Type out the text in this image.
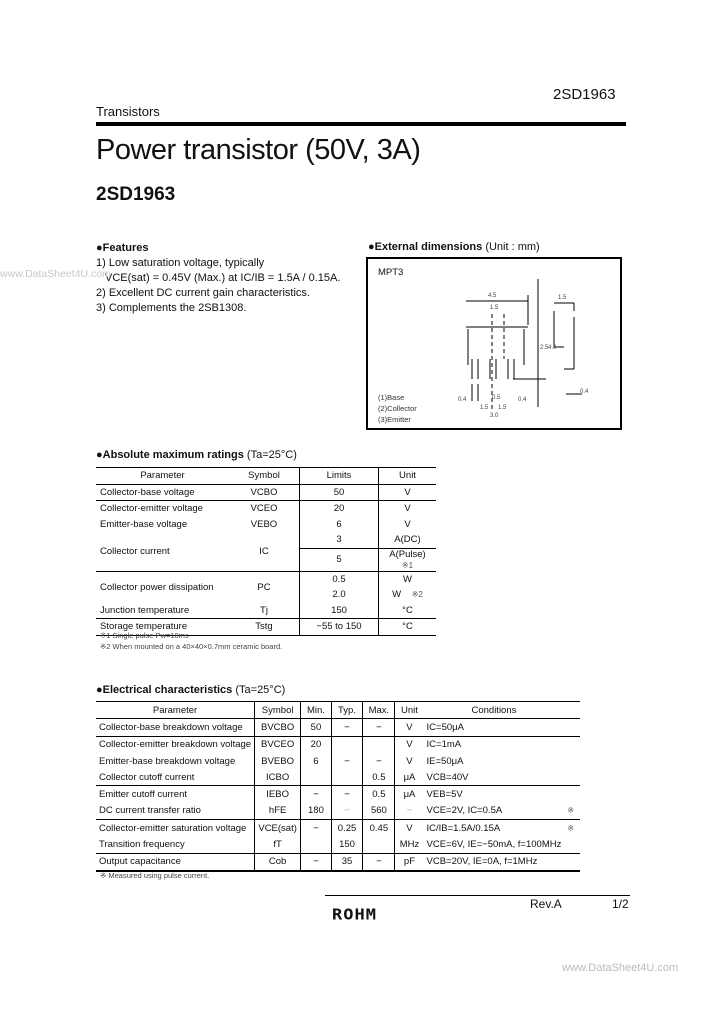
2SD1963
Transistors
Power transistor (50V, 3A)
2SD1963
●Features
1) Low saturation voltage, typically
VCE(sat) = 0.45V (Max.) at IC/IB = 1.5A / 0.15A.
2) Excellent DC current gain characteristics.
3) Complements the 2SB1308.
www.DataSheet4U.com
●External dimensions (Unit : mm)
MPT3
4.5
1.5
2.5 4.0
1.5
0.4
0.4	0.5	0.4
1.5 1.5
3.0
(1)Base
(2)Collector
(3)Emitter
●Absolute maximum ratings (Ta=25°C)
Parameter	Symbol	Limits	Unit
Collector-base voltage	VCBO	50	V
Collector-emitter voltage	VCEO	20	V
Emitter-base voltage	VEBO	6	V
Collector current	IC	3	A(DC)
		5	A(Pulse) ※1
Collector power dissipation	PC	0.5	W
		2.0	W ※2
Junction temperature	Tj	150	°C
Storage temperature	Tstg	−55 to 150	°C
※1 Single pulse Pw=10ms
※2 When mounted on a 40×40×0.7mm ceramic board.
●Electrical characteristics (Ta=25°C)
Parameter	Symbol	Min.	Typ.	Max.	Unit	Conditions	
Collector-base breakdown voltage	BVCBO	50	−	−	V	IC=50μA	
Collector-emitter breakdown voltage	BVCEO	20			V	IC=1mA	
Emitter-base breakdown voltage	BVEBO	6	−	−	V	IE=50μA	
Collector cutoff current	ICBO			0.5	μA	VCB=40V	
Emitter cutoff current	IEBO	−	−	0.5	μA	VEB=5V	
DC current transfer ratio	hFE	180	−	560	−	VCE=2V, IC=0.5A	※
Collector-emitter saturation voltage	VCE(sat)	−	0.25	0.45	V	IC/IB=1.5A/0.15A	※
Transition frequency	fT		150		MHz	VCE=6V, IE=−50mA, f=100MHz	
Output capacitance	Cob	−	35	−	pF	VCB=20V, IE=0A, f=1MHz	
※ Measured using pulse current.
ROHM
Rev.A	1/2
www.DataSheet4U.com
